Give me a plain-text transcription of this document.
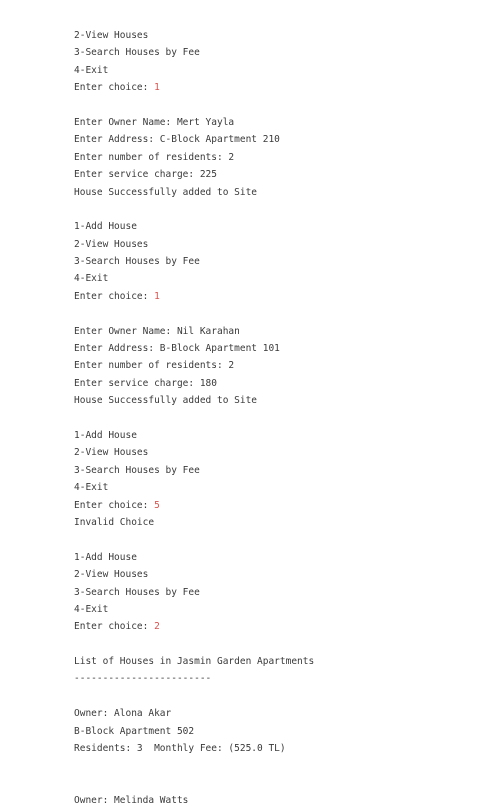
2-View Houses
3-Search Houses by Fee
4-Exit
Enter choice: 1
Enter Owner Name: Mert Yayla
Enter Address: C-Block Apartment 210
Enter number of residents: 2
Enter service charge: 225
House Successfully added to Site
1-Add House
2-View Houses
3-Search Houses by Fee
4-Exit
Enter choice: 1
Enter Owner Name: Nil Karahan
Enter Address: B-Block Apartment 101
Enter number of residents: 2
Enter service charge: 180
House Successfully added to Site
1-Add House
2-View Houses
3-Search Houses by Fee
4-Exit
Enter choice: 5
Invalid Choice
1-Add House
2-View Houses
3-Search Houses by Fee
4-Exit
Enter choice: 2
List of Houses in Jasmin Garden Apartments
------------------------
Owner: Alona Akar
B-Block Apartment 502
Residents: 3  Monthly Fee: (525.0 TL)
Owner: Melinda Watts
